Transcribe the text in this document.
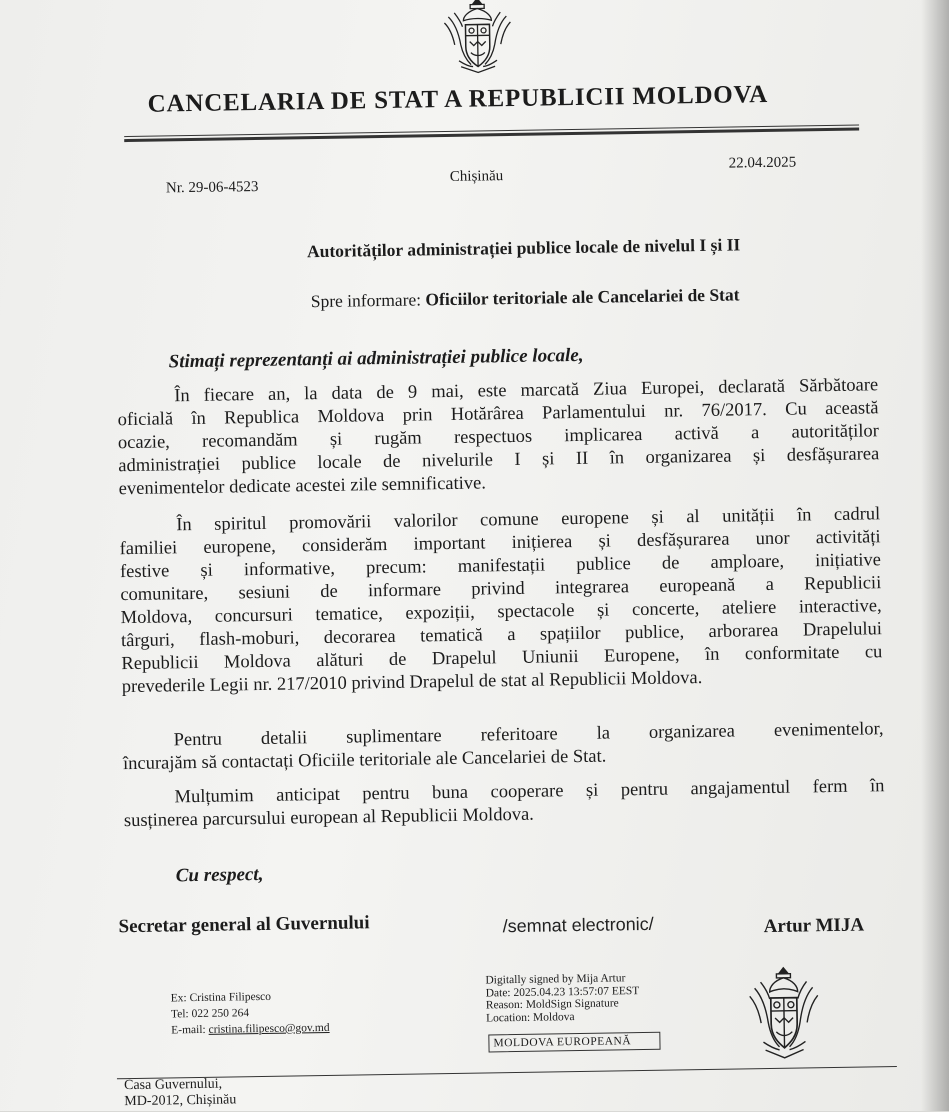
CANCELARIA DE STAT A REPUBLICII MOLDOVA
Nr. 29-06-4523
Chișinău
22.04.2025
Autorităților administrației publice locale de nivelul I și II
Spre informare: Oficiilor teritoriale ale Cancelariei de Stat
Stimați reprezentanți ai administrației publice locale,
În fiecare an, la data de 9 mai, este marcată Ziua Europei, declarată Sărbătoare
oficială în Republica Moldova prin Hotărârea Parlamentului nr. 76/2017. Cu această
ocazie, recomandăm și rugăm respectuos implicarea activă a autorităților
administrației publice locale de nivelurile I și II în organizarea și desfășurarea
evenimentelor dedicate acestei zile semnificative.
În spiritul promovării valorilor comune europene și al unității în cadrul
familiei europene, considerăm important inițierea și desfășurarea unor activități
festive și informative, precum: manifestații publice de amploare, inițiative
comunitare, sesiuni de informare privind integrarea europeană a Republicii
Moldova, concursuri tematice, expoziții, spectacole și concerte, ateliere interactive,
târguri, flash-moburi, decorarea tematică a spațiilor publice, arborarea Drapelului
Republicii Moldova alături de Drapelul Uniunii Europene, în conformitate cu
prevederile Legii nr. 217/2010 privind Drapelul de stat al Republicii Moldova.
Pentru detalii suplimentare referitoare la organizarea evenimentelor,
încurajăm să contactați Oficiile teritoriale ale Cancelariei de Stat.
Mulțumim anticipat pentru buna cooperare și pentru angajamentul ferm în
susținerea parcursului european al Republicii Moldova.
Cu respect,
Secretar general al Guvernului	/semnat electronic/	Artur MIJA
Ex: Cristina Filipesco
Tel: 022 250 264
E-mail: cristina.filipesco@gov.md
Digitally signed by Mija Artur
Date: 2025.04.23 13:57:07 EEST
Reason: MoldSign Signature
Location: Moldova
MOLDOVA EUROPEANĂ
Casa Guvernului,
MD-2012, Chișinău
